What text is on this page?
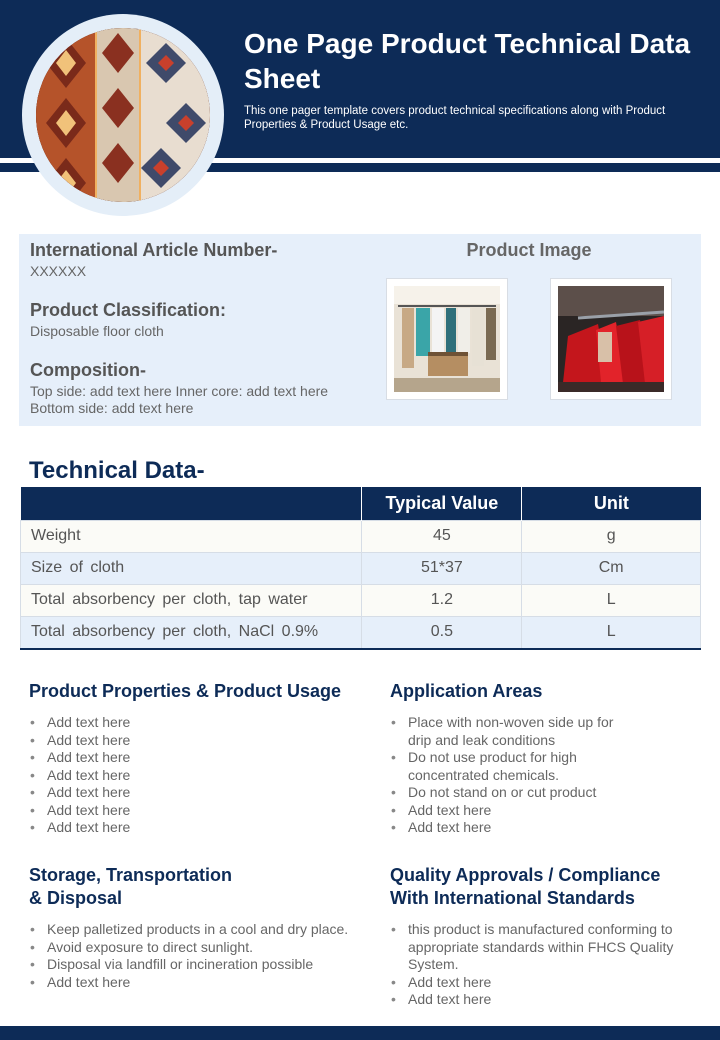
One Page Product Technical Data Sheet
This one pager template covers product technical specifications along with Product Properties & Product Usage etc.
International Article Number-
XXXXXX
Product Classification:
Disposable floor cloth
Composition-
Top side: add text here Inner core: add text here
Bottom side: add text here
Product Image
Technical Data-
	Typical Value	Unit
Weight	45	g
Size of cloth	51*37	Cm
Total absorbency per cloth, tap water	1.2	L
Total absorbency per cloth, NaCl 0.9%	0.5	L
Product Properties & Product Usage
• Add text here
• Add text here
• Add text here
• Add text here
• Add text here
• Add text here
• Add text here
Application Areas
• Place with non-woven side up for drip and leak conditions
• Do not use product for high concentrated chemicals.
• Do not stand on or cut product
• Add text here
• Add text here
Storage, Transportation
& Disposal
• Keep palletized products in a cool and dry place.
• Avoid exposure to direct sunlight.
• Disposal via landfill or incineration possible
• Add text here
Quality Approvals / Compliance
With International Standards
• this product is manufactured conforming to appropriate standards within FHCS Quality System.
• Add text here
• Add text here
